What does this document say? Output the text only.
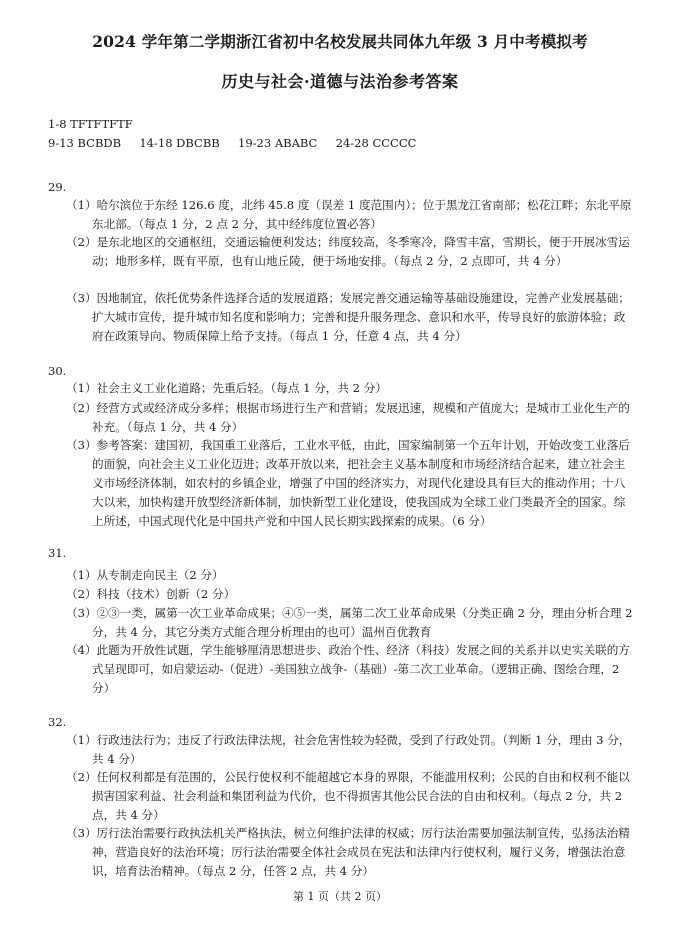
2024 学年第二学期浙江省初中名校发展共同体九年级 3 月中考模拟考
历史与社会·道德与法治参考答案
1-8 TFTFTFTF
9-13 BCBDB     14-18 DBCBB     19-23 ABABC     24-28 CCCCC
29.
（1）哈尔滨位于东经 126.6 度，北纬 45.8 度（误差 1 度范围内）；位于黑龙江省南部；松花江畔；东北平原东北部。（每点 1 分，2 点 2 分，其中经纬度位置必答）
（2）是东北地区的交通枢纽，交通运输便利发达；纬度较高，冬季寒冷，降雪丰富，雪期长，便于开展冰雪运动；地形多样，既有平原，也有山地丘陵，便于场地安排。（每点 2 分，2 点即可，共 4 分）
（3）因地制宜，依托优势条件选择合适的发展道路；发展完善交通运输等基础设施建设，完善产业发展基础；扩大城市宣传，提升城市知名度和影响力；完善和提升服务理念、意识和水平，传导良好的旅游体验；政府在政策导向、物质保障上给予支持。（每点 1 分，任意 4 点，共 4 分）
30.
（1）社会主义工业化道路；先重后轻。（每点 1 分，共 2 分）
（2）经营方式或经济成分多样；根据市场进行生产和营销；发展迅速，规模和产值庞大；是城市工业化生产的补充。（每点 1 分，共 4 分）
（3）参考答案：建国初，我国重工业落后，工业水平低，由此，国家编制第一个五年计划，开始改变工业落后的面貌，向社会主义工业化迈进；改革开放以来，把社会主义基本制度和市场经济结合起来，建立社会主义市场经济体制，如农村的乡镇企业，增强了中国的经济实力，对现代化建设具有巨大的推动作用；十八大以来，加快构建开放型经济新体制，加快新型工业化建设，使我国成为全球工业门类最齐全的国家。综上所述，中国式现代化是中国共产党和中国人民长期实践探索的成果。（6 分）
31.
（1）从专制走向民主（2 分）
（2）科技（技术）创新（2 分）
（3）②③一类，属第一次工业革命成果；④⑤一类，属第二次工业革命成果（分类正确 2 分，理由分析合理 2 分，共 4 分，其它分类方式能合理分析理由的也可）温州百优教育
（4）此题为开放性试题，学生能够厘清思想进步、政治个性、经济（科技）发展之间的关系并以史实关联的方式呈现即可，如启蒙运动-（促进）-美国独立战争-（基础）-第二次工业革命。（逻辑正确、图绘合理，2 分）
32.
（1）行政违法行为；违反了行政法律法规，社会危害性较为轻微，受到了行政处罚。（判断 1 分，理由 3 分，共 4 分）
（2）任何权利都是有范围的，公民行使权利不能超越它本身的界限，不能滥用权利；公民的自由和权利不能以损害国家利益、社会利益和集团利益为代价，也不得损害其他公民合法的自由和权利。（每点 2 分，共 2 点，共 4 分）
（3）厉行法治需要行政执法机关严格执法，树立何维护法律的权威；厉行法治需要加强法制宣传，弘扬法治精神，营造良好的法治环境；厉行法治需要全体社会成员在宪法和法律内行使权利，履行义务，增强法治意识，培育法治精神。（每点 2 分，任答 2 点，共 4 分）
第 1 页（共 2 页）
